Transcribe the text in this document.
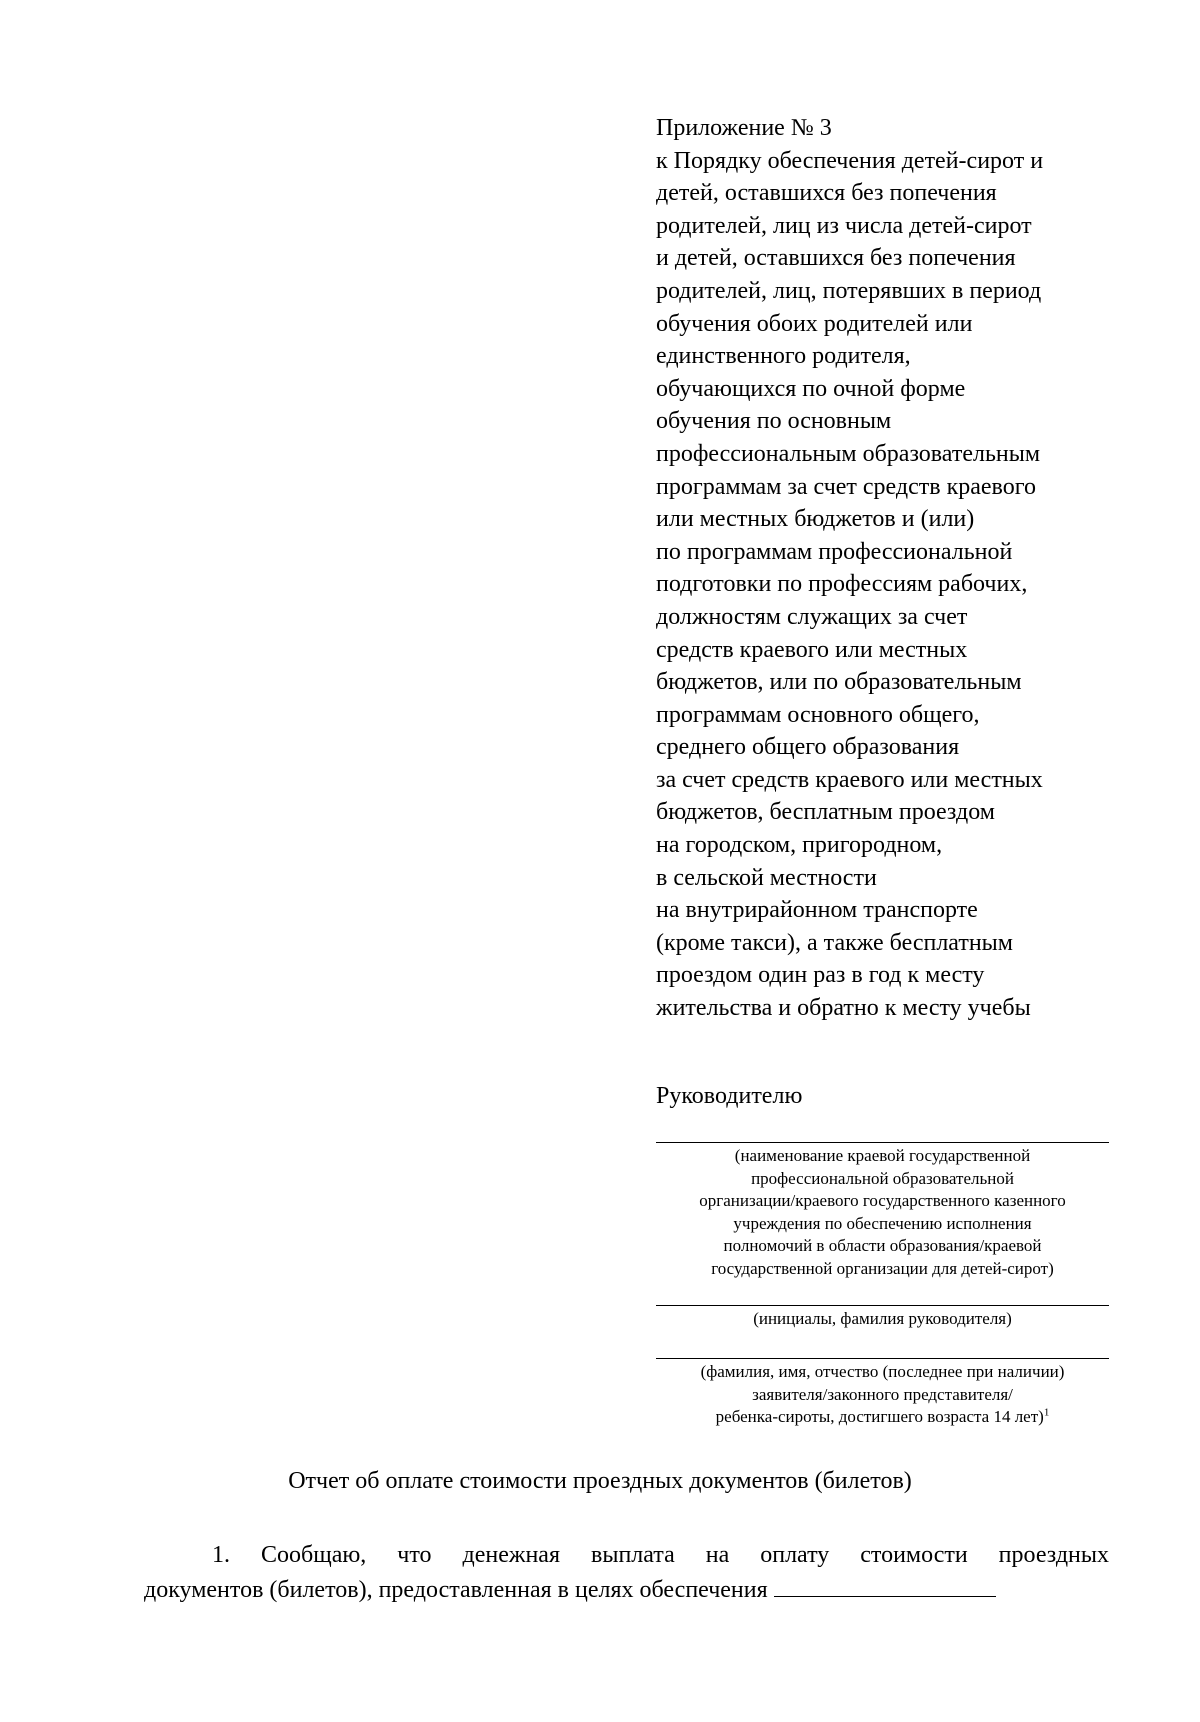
Приложение № 3
к Порядку обеспечения детей-сирот и
детей, оставшихся без попечения
родителей, лиц из числа детей-сирот
и детей, оставшихся без попечения
родителей, лиц, потерявших в период
обучения обоих родителей или
единственного родителя,
обучающихся по очной форме
обучения по основным
профессиональным образовательным
программам за счет средств краевого
или местных бюджетов и (или)
по программам профессиональной
подготовки по профессиям рабочих,
должностям служащих за счет
средств краевого или местных
бюджетов, или по образовательным
программам основного общего,
среднего общего образования
за счет средств краевого или местных
бюджетов, бесплатным проездом
на городском, пригородном,
в сельской местности
на внутрирайонном транспорте
(кроме такси), а также бесплатным
проездом один раз в год к месту
жительства и обратно к месту учебы
Руководителю
(наименование краевой государственной
профессиональной образовательной
организации/краевого государственного казенного
учреждения по обеспечению исполнения
полномочий в области образования/краевой
государственной организации для детей-сирот)
(инициалы, фамилия руководителя)
(фамилия, имя, отчество (последнее при наличии)
заявителя/законного представителя/
ребенка-сироты, достигшего возраста 14 лет)$^1$
Отчет об оплате стоимости проездных документов (билетов)
1. Сообщаю, что денежная выплата на оплату стоимости проездных
документов (билетов), предоставленная в целях обеспечения
